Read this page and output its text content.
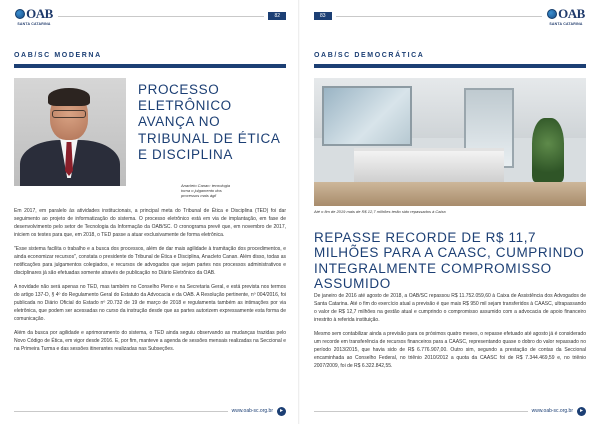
OAB
SANTA CATARINA
82
OAB/SC MODERNA
PROCESSO ELETRÔNICO AVANÇA NO TRIBUNAL DE ÉTICA E DISCIPLINA
Anacleto Canan: tecnologia
torna o julgamento dos
processos mais ágil

Em 2017, em paralelo às atividades institucionais, a principal meta do Tribunal de Ética e Disciplina (TED) foi dar seguimento ao projeto de informatização do sistema. O processo eletrônico está em via de implantação, em fase de desenvolvimento pelo setor de Tecnologia da Informação da OAB/SC. O cronograma prevê que, em novembro de 2017, iniciem os testes para que, em 2018, o TED passe a atuar exclusivamente de forma eletrônica.

"Esse sistema facilita o trabalho e a busca dos processos, além de dar mais agilidade à tramitação dos procedimentos, e ainda economizar recursos", constata o presidente do Tribunal de Ética e Disciplina, Anacleto Canan. Além disso, todas as notificações para julgamentos colegiados, e recursos de advogados que sejam partes nos processos administrativos e disciplinares já são efetuadas somente através de publicação no Diário Eletrônico da OAB.

A novidade não será apenas no TED, mas também no Conselho Pleno e na Secretaria Geral, e está prevista nos termos do artigo 137-D, § 4º do Regulamento Geral do Estatuto da Advocacia e da OAB. A Resolução pertinente, nº 004/2016, foi publicada no Diário Oficial do Estado nº 20.732 de 19 de março de 2018 e regulamenta também as intimações por via eletrônica, que podem ser acessadas no curso da instrução desde que as partes autorizem expressamente esta forma de comunicação.

Além da busca por agilidade e aprimoramento do sistema, o TED ainda seguiu observando as mudanças trazidas pelo Novo Código de Ética, em vigor desde 2016. E, por fim, manteve a agenda de sessões mensais realizadas na Seccional e na Primeira Turma e das sessões itinerantes realizadas nas Subseções.

www.oab-sc.org.br	▸
83	OAB
SANTA CATARINA
OAB/SC DEMOCRÁTICA
Até o fim de 2019 mais de R$ 12,7 milhões terão sido repassados à Caixa
REPASSE RECORDE DE R$ 11,7 MILHÕES PARA A CAASC, CUMPRINDO INTEGRALMENTE COMPROMISSO ASSUMIDO

De janeiro de 2016 até agosto de 2018, a OAB/SC repassou R$ 11.752.059,60 à Caixa de Assistência dos Advogados de Santa Catarina. Até o fim do exercício atual a previsão é que mais R$ 950 mil sejam transferidos à CAASC, ultrapassando o valor de R$ 12,7 milhões na gestão atual e cumprindo o compromisso assumido com a advocacia de apoio financeiro irrestrito à referida instituição.

Mesmo sem contabilizar ainda a previsão para os próximos quatro meses, o repasse efetuado até agosto já é considerado um recorde em transferência de recursos financeiros para a CAASC, representando quase o dobro do valor repassado no período 2013/2015, que havia sido de R$ 6.776.907,00. Outro sim, segundo a prestação de contas da Seccional encaminhada ao Conselho Federal, no triênio 2010/2012 a quota da CAASC foi de R$ 7.344.469,59 e, no triênio 2007/2009, foi de R$ 6.322.842,55.

www.oab-sc.org.br	▸
